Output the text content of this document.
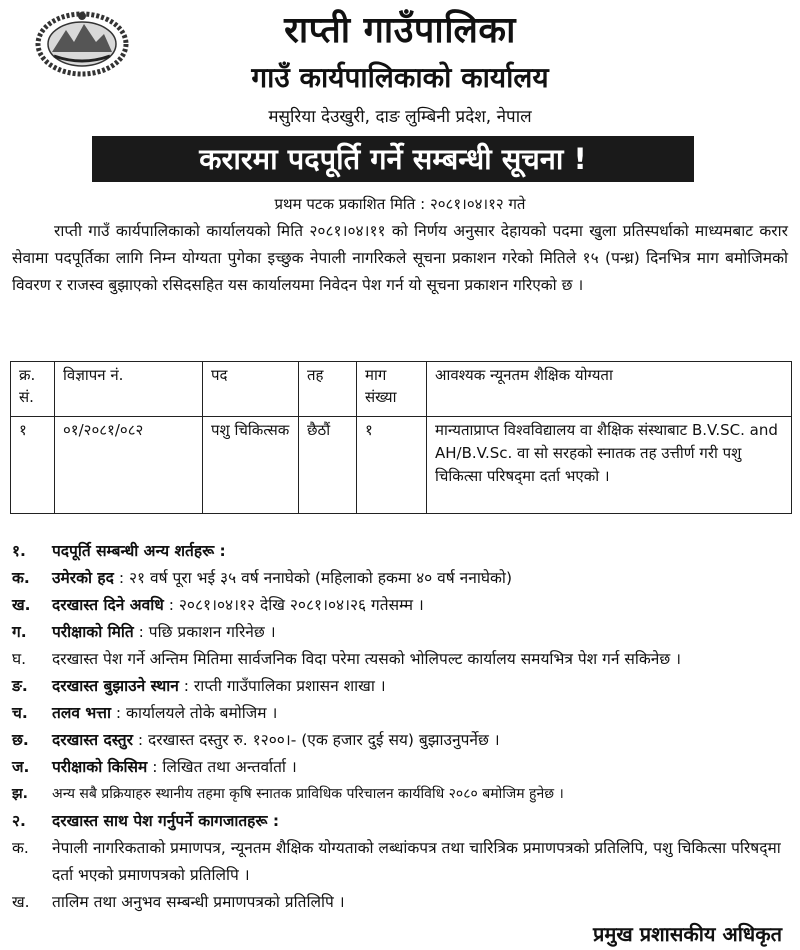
राप्ती गाउँपालिका
गाउँ कार्यपालिकाको कार्यालय
मसुरिया देउखुरी, दाङ लुम्बिनी प्रदेश, नेपाल
करारमा पदपूर्ति गर्ने सम्बन्धी सूचना !
प्रथम पटक प्रकाशित मिति : २०८१।०४।१२ गते
राप्ती गाउँ कार्यपालिकाको कार्यालयको मिति २०८१।०४।११ को निर्णय अनुसार देहायको पदमा खुला प्रतिस्पर्धाको माध्यमबाट करार सेवामा पदपूर्तिका लागि निम्न योग्यता पुगेका इच्छुक नेपाली नागरिकले सूचना प्रकाशन गरेको मितिले १५ (पन्ध्र) दिनभित्र माग बमोजिमको विवरण र राजस्व बुझाएको रसिदसहित यस कार्यालयमा निवेदन पेश गर्न यो सूचना प्रकाशन गरिएको छ ।
क्र. सं.	विज्ञापन नं.	पद	तह	माग संख्या	आवश्यक न्यूनतम शैक्षिक योग्यता
१	०१/२०८१/०८२	पशु चिकित्सक	छैठौं	१	मान्यताप्राप्त विश्वविद्यालय वा शैक्षिक संस्थाबाट B.V.SC. and AH/B.V.Sc. वा सो सरहको स्नातक तह उत्तीर्ण गरी पशु चिकित्सा परिषद्‌मा दर्ता भएको ।
१.	पदपूर्ति सम्बन्धी अन्य शर्तहरू :
क.	उमेरको हद : २१ वर्ष पूरा भई ३५ वर्ष ननाघेको (महिलाको हकमा ४० वर्ष ननाघेको)
ख.	दरखास्त दिने अवधि : २०८१।०४।१२ देखि २०८१।०४।२६ गतेसम्म ।
ग.	परीक्षाको मिति : पछि प्रकाशन गरिनेछ ।
घ.	दरखास्त पेश गर्ने अन्तिम मितिमा सार्वजनिक विदा परेमा त्यसको भोलिपल्ट कार्यालय समयभित्र पेश गर्न सकिनेछ ।
ङ.	दरखास्त बुझाउने स्थान : राप्ती गाउँपालिका प्रशासन शाखा ।
च.	तलव भत्ता : कार्यालयले तोके बमोजिम ।
छ.	दरखास्त दस्तुर : दरखास्त दस्तुर रु. १२००।- (एक हजार दुई सय) बुझाउनुपर्नेछ ।
ज.	परीक्षाको किसिम : लिखित तथा अन्तर्वार्ता ।
झ.	अन्य सबै प्रक्रियाहरु स्थानीय तहमा कृषि स्नातक प्राविधिक परिचालन कार्यविधि २०८० बमोजिम हुनेछ ।
२.	दरखास्त साथ पेश गर्नुपर्ने कागजातहरू :
क.	नेपाली नागरिकताको प्रमाणपत्र, न्यूनतम शैक्षिक योग्यताको लब्धांकपत्र तथा चारित्रिक प्रमाणपत्रको प्रतिलिपि, पशु चिकित्सा परिषद्‌मा दर्ता भएको प्रमाणपत्रको प्रतिलिपि ।
ख.	तालिम तथा अनुभव सम्बन्धी प्रमाणपत्रको प्रतिलिपि ।
प्रमुख प्रशासकीय अधिकृत
